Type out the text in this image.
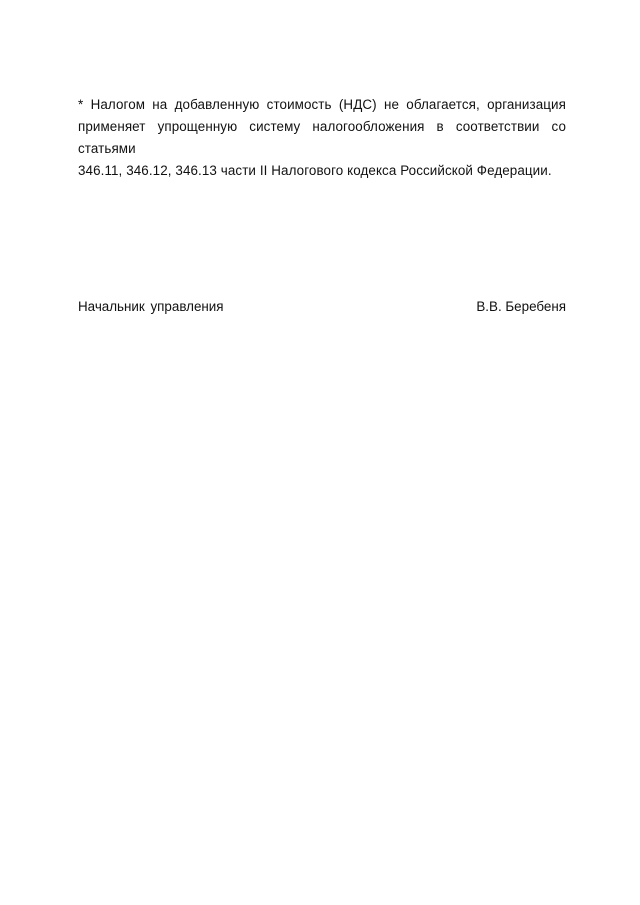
* Налогом на добавленную стоимость (НДС) не облагается, организация
применяет упрощенную систему налогообложения в соответствии со статьями
346.11, 346.12, 346.13 части II Налогового кодекса Российской Федерации.
Начальник управления	В.В. Беребеня
